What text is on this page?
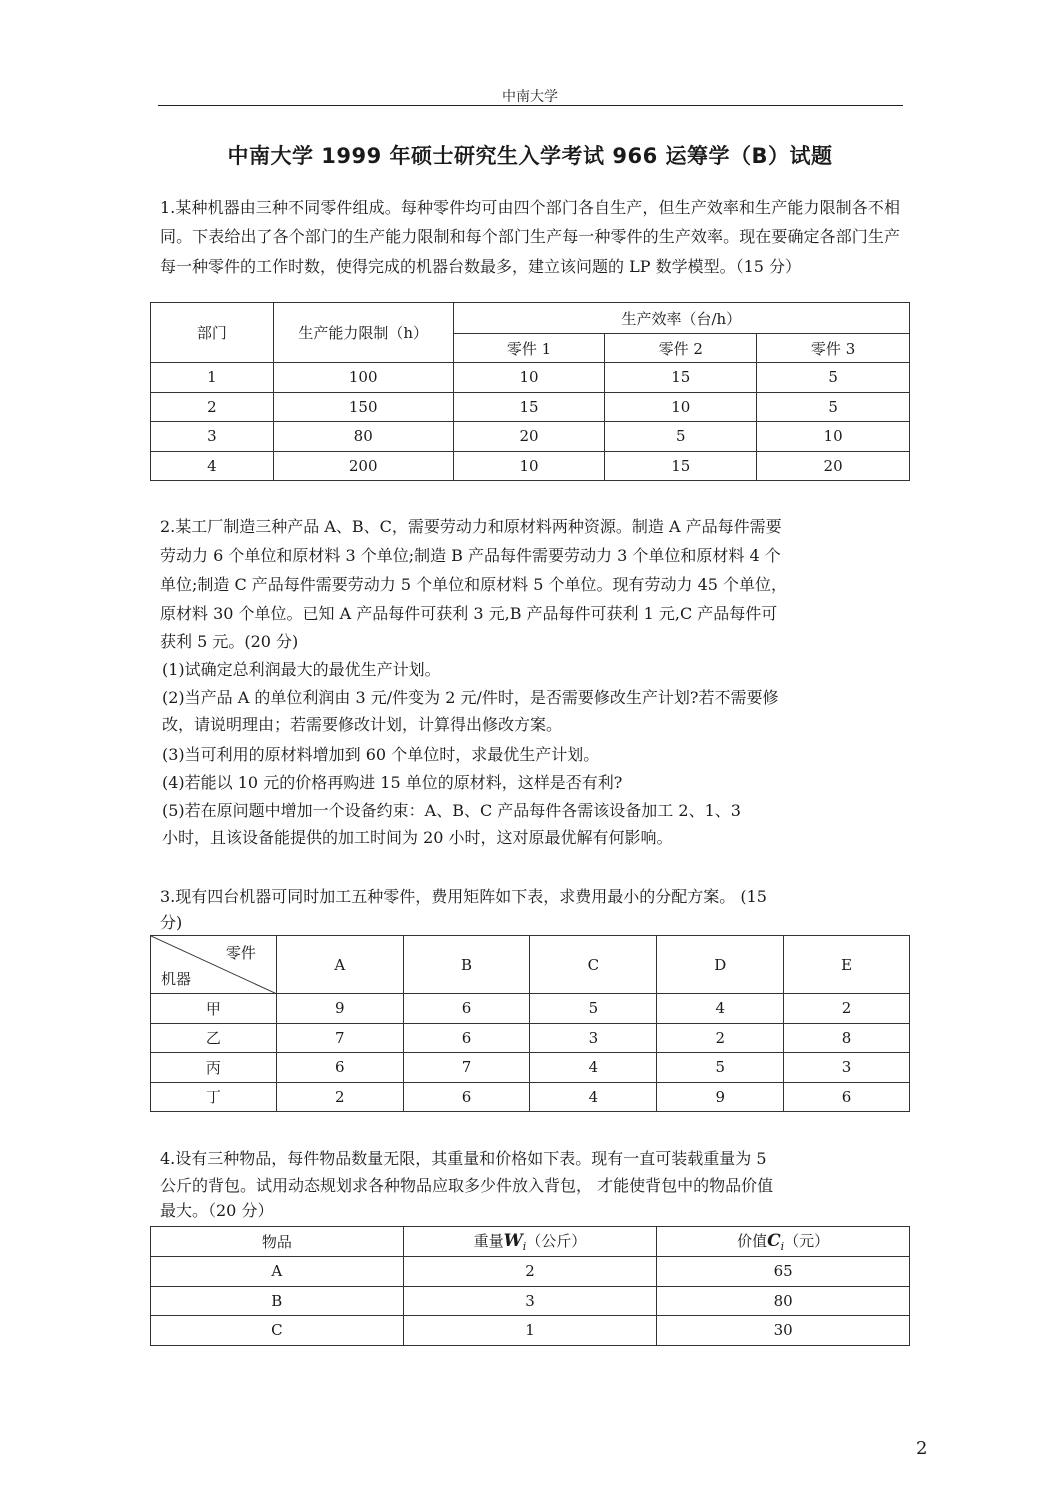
中南大学
中南大学 1999 年硕士研究生入学考试 966 运筹学（B）试题

1.某种机器由三种不同零件组成。每种零件均可由四个部门各自生产，但生产效率和生产能力限制各不相同。下表给出了各个部门的生产能力限制和每个部门生产每一种零件的生产效率。现在要确定各部门生产每一种零件的工作时数，使得完成的机器台数最多，建立该问题的 LP 数学模型。（15 分）

部门	生产能力限制（h）	生产效率（台/h）		
		零件 1	零件 2	零件 3
1	100	10	15	5
2	150	15	10	5
3	80	20	5	10
4	200	10	15	20

2.某工厂制造三种产品 A、B、C，需要劳动力和原材料两种资源。制造 A 产品每件需要

劳动力 6 个单位和原材料 3 个单位;制造 B 产品每件需要劳动力 3 个单位和原材料 4 个

单位;制造 C 产品每件需要劳动力 5 个单位和原材料 5 个单位。现有劳动力 45 个单位，

原材料 30 个单位。已知 A 产品每件可获利 3 元,B 产品每件可获利 1 元,C 产品每件可

获利 5 元。(20 分)

(1)试确定总利润最大的最优生产计划。

(2)当产品 A 的单位利润由 3 元/件变为 2 元/件时，是否需要修改生产计划?若不需要修

改，请说明理由；若需要修改计划，计算得出修改方案。

(3)当可利用的原材料增加到 60 个单位时，求最优生产计划。

(4)若能以 10 元的价格再购进 15 单位的原材料，这样是否有利?

(5)若在原问题中增加一个设备约束：A、B、C 产品每件各需该设备加工 2、1、3

小时，且该设备能提供的加工时间为 20 小时，这对原最优解有何影响。

3.现有四台机器可同时加工五种零件，费用矩阵如下表，求费用最小的分配方案。 (15

分)

零件
机器	A	B	C	D	E
甲	9	6	5	4	2
乙	7	6	3	2	8
丙	6	7	4	5	3
丁	2	6	4	9	6

4.设有三种物品，每件物品数量无限，其重量和价格如下表。现有一直可装载重量为 5

公斤的背包。试用动态规划求各种物品应取多少件放入背包， 才能使背包中的物品价值

最大。（20 分）

物品	重量$W_i$（公斤）	价值$C_i$（元）
A	2	65
B	3	80
C	1	30
2
